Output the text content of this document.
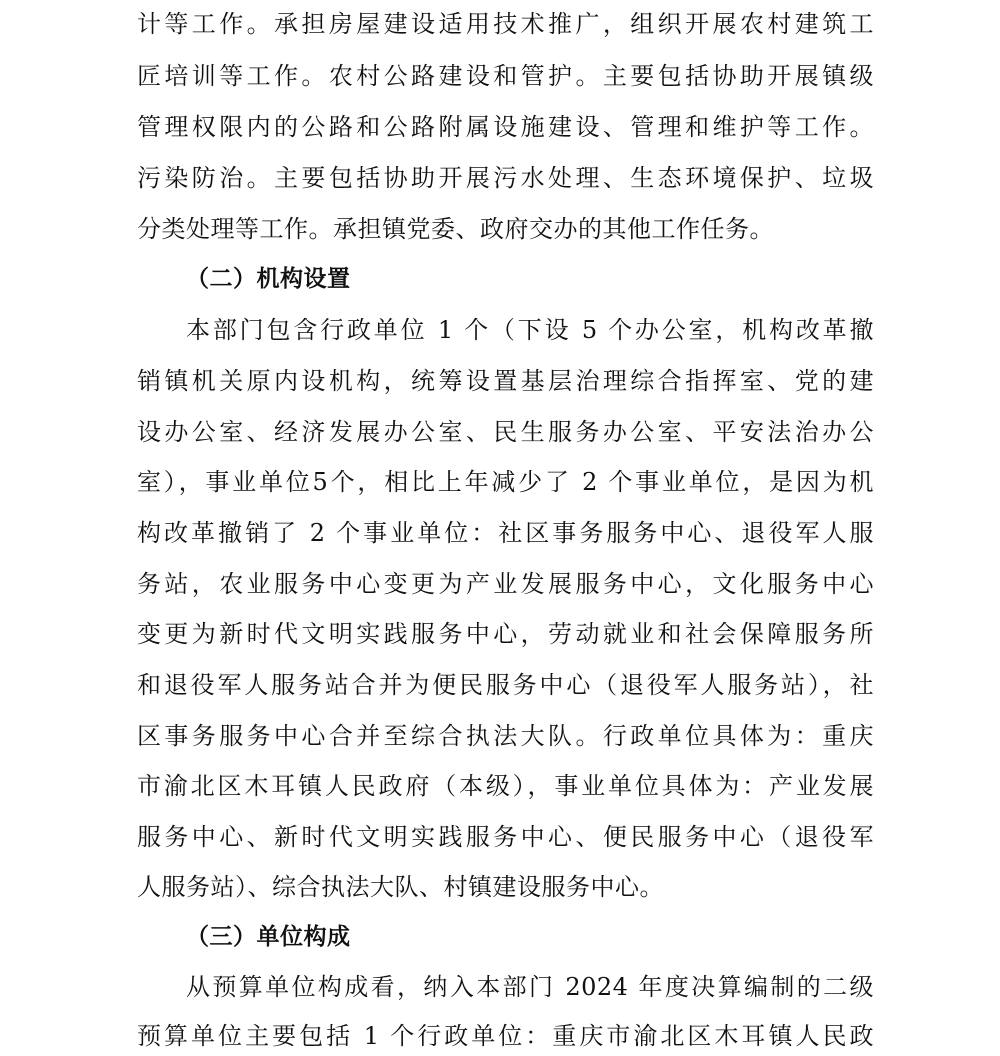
计等工作。承担房屋建设适用技术推广，组织开展农村建筑工
匠培训等工作。农村公路建设和管护。主要包括协助开展镇级
管理权限内的公路和公路附属设施建设、管理和维护等工作。
污染防治。主要包括协助开展污水处理、生态环境保护、垃圾
分类处理等工作。承担镇党委、政府交办的其他工作任务。
（二）机构设置
本部门包含行政单位 1 个（下设 5 个办公室，机构改革撤
销镇机关原内设机构，统筹设置基层治理综合指挥室、党的建
设办公室、经济发展办公室、民生服务办公室、平安法治办公
室），事业单位5个，相比上年减少了 2 个事业单位，是因为机
构改革撤销了 2 个事业单位：社区事务服务中心、退役军人服
务站，农业服务中心变更为产业发展服务中心，文化服务中心
变更为新时代文明实践服务中心，劳动就业和社会保障服务所
和退役军人服务站合并为便民服务中心（退役军人服务站），社
区事务服务中心合并至综合执法大队。行政单位具体为：重庆
市渝北区木耳镇人民政府（本级），事业单位具体为：产业发展
服务中心、新时代文明实践服务中心、便民服务中心（退役军
人服务站）、综合执法大队、村镇建设服务中心。
（三）单位构成
从预算单位构成看，纳入本部门 2024 年度决算编制的二级
预算单位主要包括 1 个行政单位：重庆市渝北区木耳镇人民政
